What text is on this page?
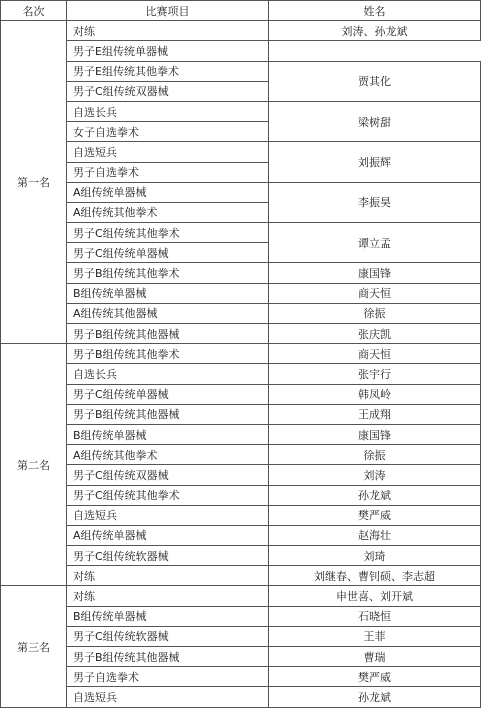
名次	比赛项目	姓名	
第一名	对练	刘涛、孙龙斌	
	男子E组传统单器械		
	男子E组传统其他拳术	贾其化	
	男子C组传统双器械	
	自选长兵	梁树甜	
	女子自选拳术		
	自选短兵	刘振辉	
	男子自选拳术		
	A组传统单器械	李振昊	
	A组传统其他拳术		
	男子C组传统其他拳术	谭立孟	
	男子C组传统单器械		
	男子B组传统其他拳术	康国锋	
	B组传统单器械	商天恒	
	A组传统其他器械	徐振	
	男子B组传统其他器械	张庆凯	
第二名	男子B组传统其他拳术	商天恒	
	自选长兵	张宇行	
	男子C组传统单器械	韩凤岭	
	男子B组传统其他器械	王成翔	
	B组传统单器械	康国锋	
	A组传统其他拳术	徐振	
	男子C组传统双器械	刘涛	
	男子C组传统其他拳术	孙龙斌	
	自选短兵	樊严威	
	A组传统单器械	赵海壮	
	男子C组传统软器械	刘琦	
	对练	刘继春、曹钊硕、李志超	
第三名	对练	申世喜、刘开斌	
	B组传统单器械	石晓恒	
	男子C组传统软器械	王菲	
	男子B组传统其他器械	曹瑞	
	男子自选拳术	樊严威	
	自选短兵	孙龙斌	
